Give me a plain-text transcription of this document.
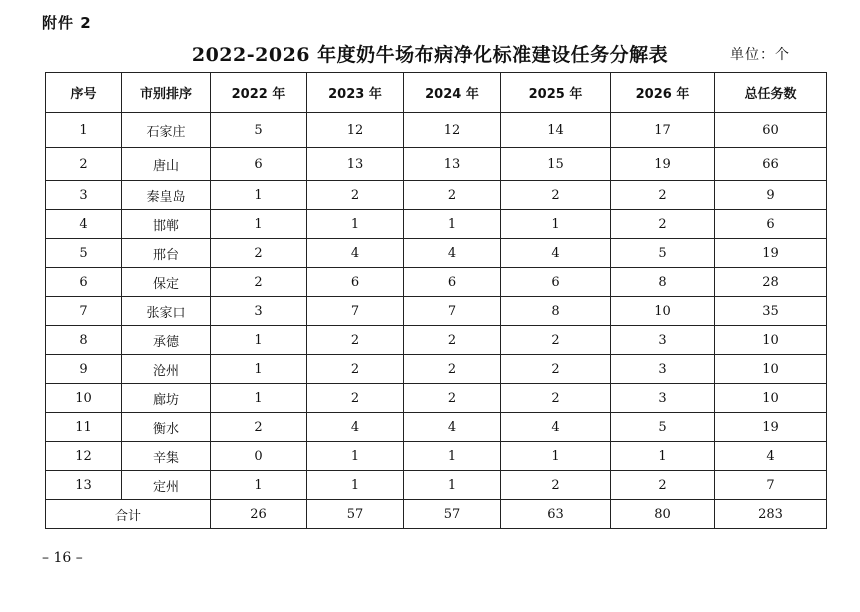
附件 2
2022-2026 年度奶牛场布病净化标准建设任务分解表	单位：个
序号	市别排序	2022 年	2023 年	2024 年	2025 年	2026 年	总任务数
1	石家庄	5	12	12	14	17	60
2	唐山	6	13	13	15	19	66
3	秦皇岛	1	2	2	2	2	9
4	邯郸	1	1	1	1	2	6
5	邢台	2	4	4	4	5	19
6	保定	2	6	6	6	8	28
7	张家口	3	7	7	8	10	35
8	承德	1	2	2	2	3	10
9	沧州	1	2	2	2	3	10
10	廊坊	1	2	2	2	3	10
11	衡水	2	4	4	4	5	19
12	辛集	0	1	1	1	1	4
13	定州	1	1	1	2	2	7
合计		26	57	57	63	80	283
– 16 –
